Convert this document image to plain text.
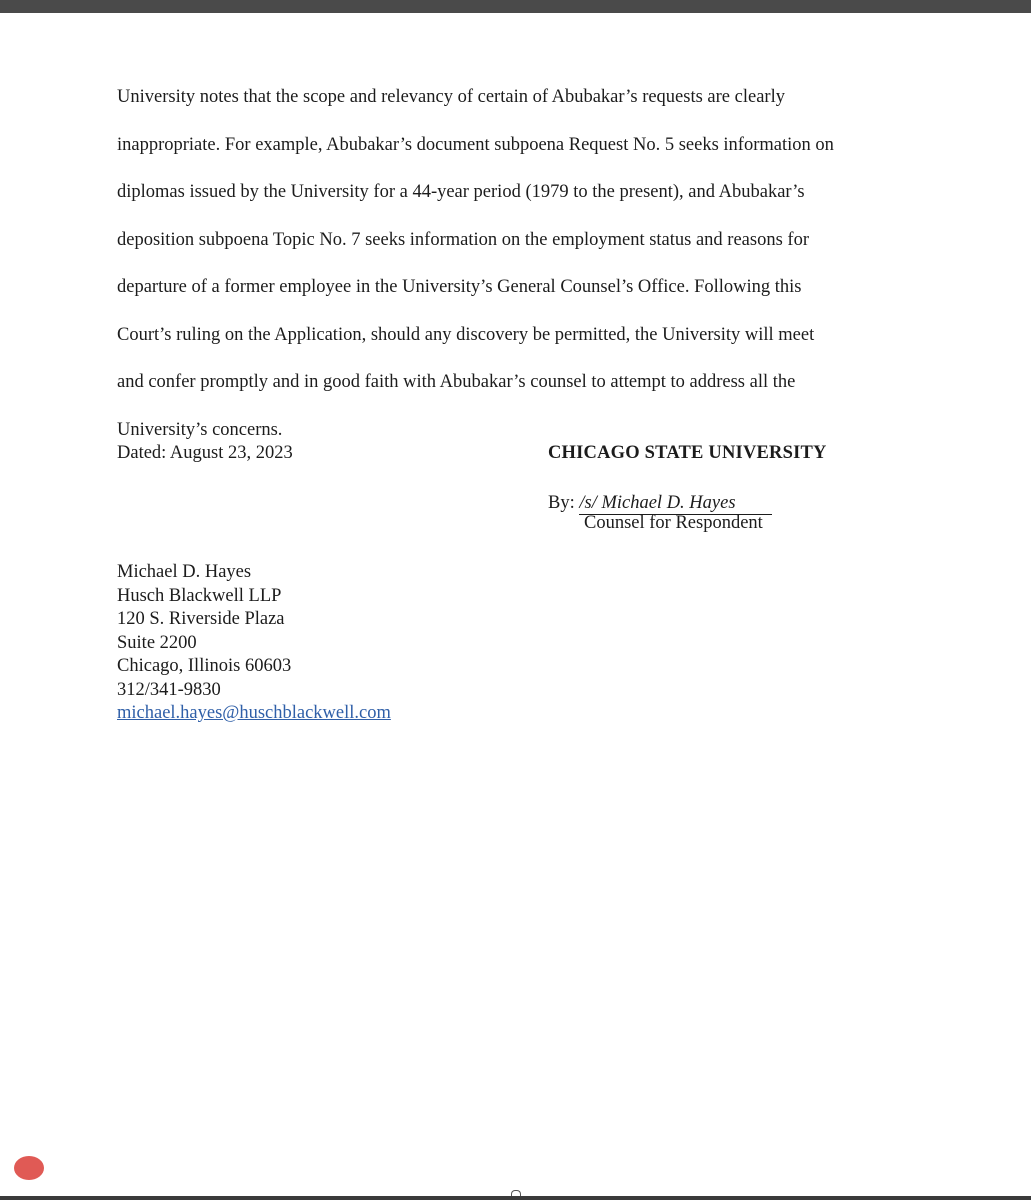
University notes that the scope and relevancy of certain of Abubakar’s requests are clearly
inappropriate. For example, Abubakar’s document subpoena Request No. 5 seeks information on
diplomas issued by the University for a 44-year period (1979 to the present), and Abubakar’s
deposition subpoena Topic No. 7 seeks information on the employment status and reasons for
departure of a former employee in the University’s General Counsel’s Office. Following this
Court’s ruling on the Application, should any discovery be permitted, the University will meet
and confer promptly and in good faith with Abubakar’s counsel to attempt to address all the
University’s concerns.

Dated: August 23, 2023	CHICAGO STATE UNIVERSITY

By: /s/ Michael D. Hayes

Counsel for Respondent

Michael D. Hayes
Husch Blackwell LLP
120 S. Riverside Plaza
Suite 2200
Chicago, Illinois 60603
312/341-9830
michael.hayes@huschblackwell.com
